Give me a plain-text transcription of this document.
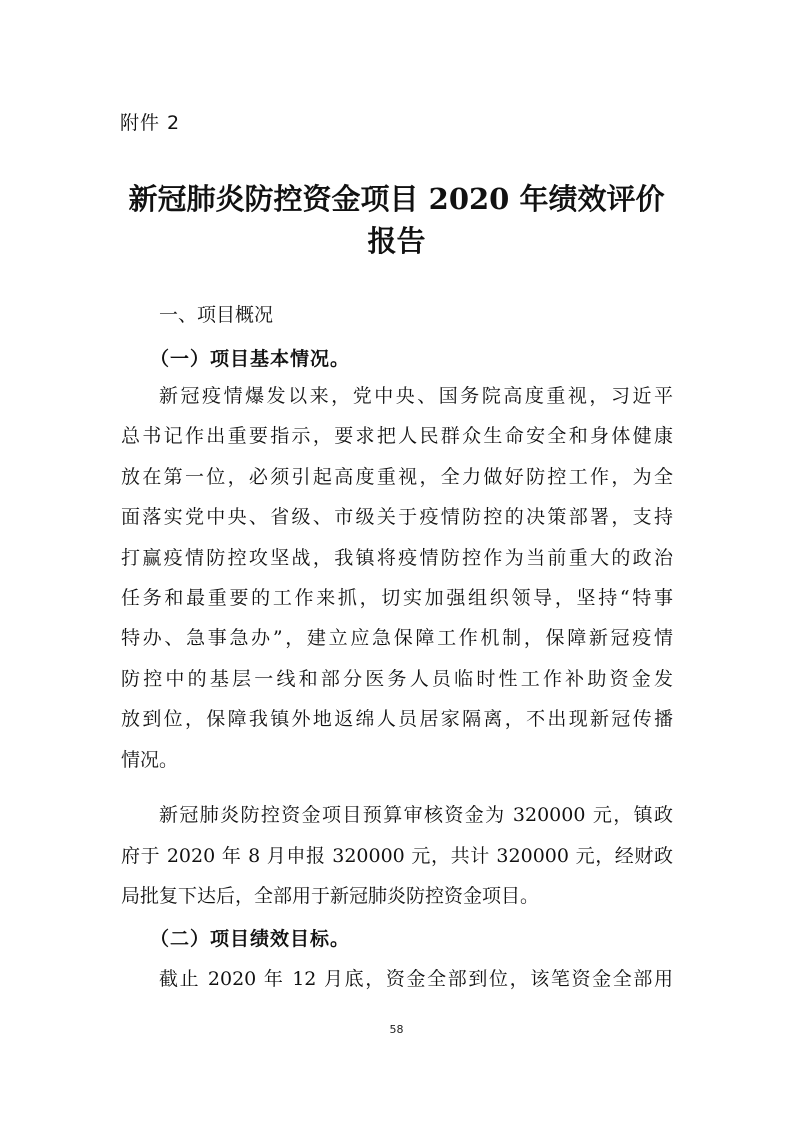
附件 2
新冠肺炎防控资金项目 2020 年绩效评价
报告
一、项目概况
（一）项目基本情况。
新冠疫情爆发以来，党中央、国务院高度重视，习近平
总书记作出重要指示，要求把人民群众生命安全和身体健康
放在第一位，必须引起高度重视，全力做好防控工作，为全
面落实党中央、省级、市级关于疫情防控的决策部署，支持
打赢疫情防控攻坚战，我镇将疫情防控作为当前重大的政治
任务和最重要的工作来抓，切实加强组织领导，坚持“特事
特办、急事急办”，建立应急保障工作机制，保障新冠疫情
防控中的基层一线和部分医务人员临时性工作补助资金发
放到位，保障我镇外地返绵人员居家隔离，不出现新冠传播
情况。
新冠肺炎防控资金项目预算审核资金为 320000 元，镇政
府于 2020 年 8 月申报 320000 元，共计 320000 元，经财政
局批复下达后，全部用于新冠肺炎防控资金项目。
（二）项目绩效目标。
截止 2020 年 12 月底，资金全部到位，该笔资金全部用
58
